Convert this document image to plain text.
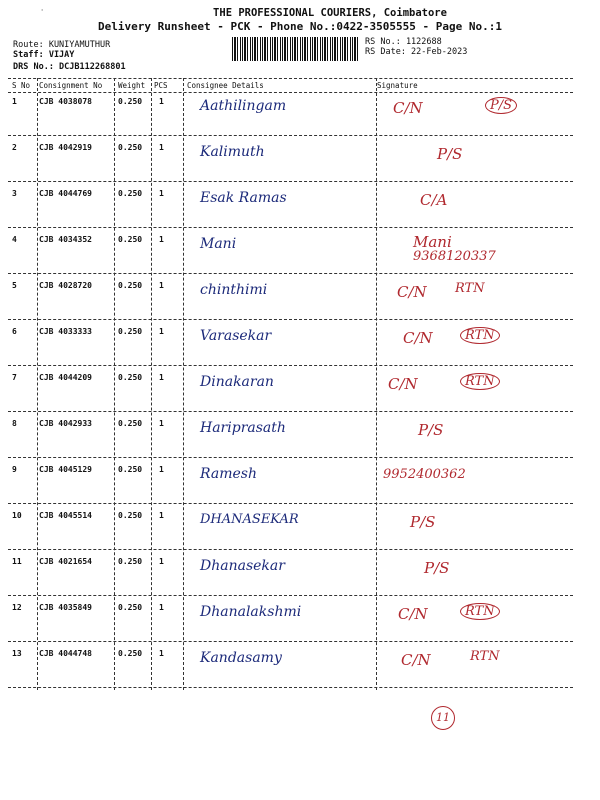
THE PROFESSIONAL COURIERS, Coimbatore
Delivery Runsheet - PCK - Phone No.:0422-3505555 - Page No.:1
Route: KUNIYAMUTHUR
Staff: VIJAY
DRS No.: DCJB112268801
RS No.: 1122688
RS Date: 22-Feb-2023
'
S No Consignment No Weight PCS	Consignee Details	Signature
1	CJB 4038078	0.250 1	Aathilingam	C/N	P/S
2	CJB 4042919	0.250 1	Kalimuth	P/S
3	CJB 4044769	0.250 1	Esak Ramas	C/A
4	CJB 4034352	0.250 1	Mani	Mani
9368120337
5	CJB 4028720	0.250 1	chinthimi	C/N RTN
6	CJB 4033333	0.250 1	Varasekar	C/N	RTN
7	CJB 4044209	0.250 1	Dinakaran	C/N	RTN
8	CJB 4042933	0.250 1	Hariprasath	P/S
9	CJB 4045129	0.250 1	Ramesh	9952400362
10 CJB 4045514	0.250 1	DHANASEKAR	P/S
11 CJB 4021654	0.250 1	Dhanasekar	P/S
12 CJB 4035849	0.250 1	Dhanalakshmi	C/N	RTN
13 CJB 4044748	0.250 1	Kandasamy	C/N	RTN
11
